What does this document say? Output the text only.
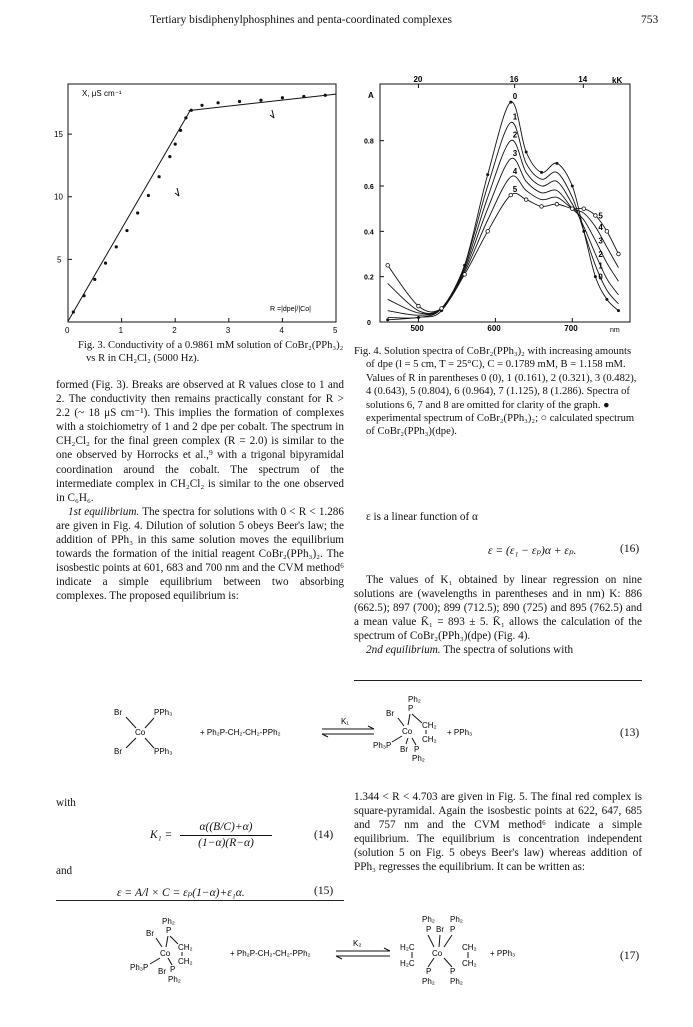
Tertiary bisdiphenylphosphines and penta-coordinated complexes	753
X, μS cm⁻¹
R =|dpe|/|Co|
0	1	2	3	4	5
5
10
15
Fig. 3. Conductivity of a 0.9861 mM solution of CoBr₂(PPh₃)₂ vs R in CH₂Cl₂ (5000 Hz).
A
kK
nm
500	600	700
20	16	14
0
0.2
0.4
0.6
0.8
0
0
1
1
2
2
3
3
4
4
5
5

Fig. 4. Solution spectra of CoBr₂(PPh₃)₂ with increasing amounts of dpe (l = 5 cm, T = 25°C), C = 0.1789 mM, B = 1.158 mM. Values of R in parentheses 0 (0), 1 (0.161), 2 (0.321), 3 (0.482), 4 (0.643), 5 (0.804), 6 (0.964), 7 (1.125), 8 (1.286). Spectra of solutions 6, 7 and 8 are omitted for clarity of the graph. ● experimental spectrum of CoBr₂(PPh₃)₂; ○ calculated spectrum of CoBr₂(PPh₃)(dpe).

formed (Fig. 3). Breaks are observed at R values close to 1 and 2. The conductivity then remains practically constant for R > 2.2 (~ 18 μS cm⁻¹). This implies the formation of complexes with a stoichiometry of 1 and 2 dpe per cobalt. The spectrum in CH₂Cl₂ for the final green complex (R = 2.0) is similar to the one observed by Horrocks et al.,⁹ with a trigonal bipyramidal coordination around the cobalt. The spectrum of the intermediate complex in CH₂Cl₂ is similar to the one observed in C₆H₆.

1st equilibrium. The spectra for solutions with 0 < R < 1.286 are given in Fig. 4. Dilution of solution 5 obeys Beer's law; the addition of PPh₃ in this same solution moves the equilibrium towards the formation of the initial reagent CoBr₂(PPh₃)₂. The isosbestic points at 601, 683 and 700 nm and the CVM method⁶ indicate a simple equilibrium between two absorbing complexes. The proposed equilibrium is:

ε is a linear function of α

ε = (ε₁ − εₚ)α + εₚ.	(16)

The values of K₁ obtained by linear regression on nine solutions are (wavelengths in parentheses and in nm) K: 886 (662.5); 897 (700); 899 (712.5); 890 (725) and 895 (762.5) and a mean value K̄₁ = 893 ± 5. K̄₁ allows the calculation of the spectrum of CoBr₂(PPh₃)(dpe) (Fig. 4).

2nd equilibrium. The spectra of solutions with

Co
Br
Br
PPh₃
PPh₃
+ Ph₂P-CH₂-CH₂-PPh₂
K₁
Ph₂
P
Br
Co
CH₂
CH₂
Ph₃P Br P
Ph₂
+ PPh₃	(13)
with
$K_1 = \frac{\alpha((B/C)+\alpha)}{(1-\alpha)(R-\alpha)}$	(14)
and
ε = A/l × C = εₚ(1−α)+ε₁α.	(15)

1.344 < R < 4.703 are given in Fig. 5. The final red complex is square-pyramidal. Again the isosbestic points at 622, 647, 685 and 757 nm and the CVM method⁶ indicate a simple equilibrium. The equilibrium is concentration independent (solution 5 on Fig. 5 obeys Beer's law) whereas addition of PPh₃ regresses the equilibrium. It can be written as:

Ph₂
P
Br
Co
CH₂
CH₂
Ph₃P Br P
Ph₂
+ Ph₂P-CH₂-CH₂-PPh₂
K₂
Ph₂ Ph₂
P Br P
H₂C
Co
CH₂
H₂C	CH₂
P P
Ph₂ Ph₂
+ PPh₃	(17)
